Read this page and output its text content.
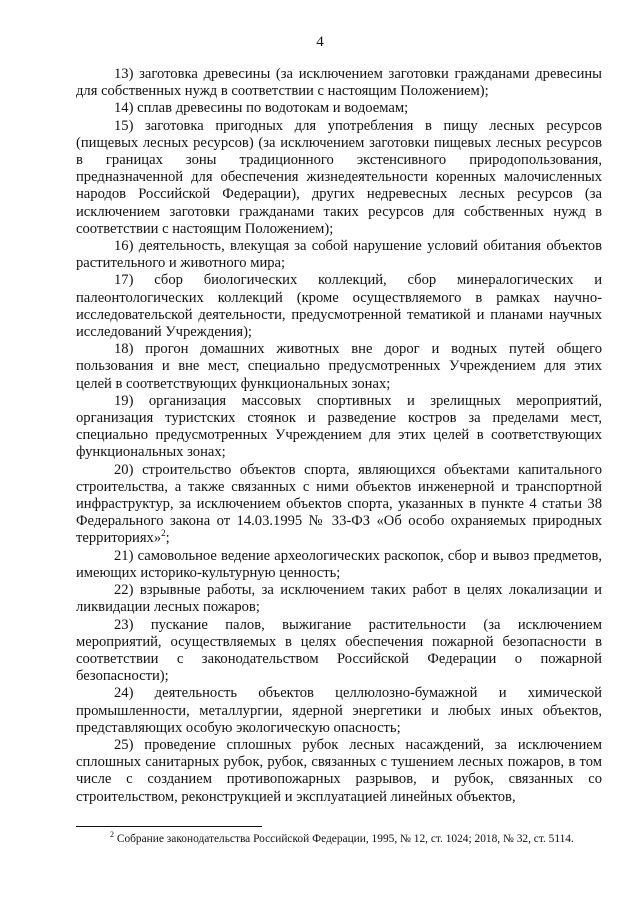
4

13) заготовка древесины (за исключением заготовки гражданами древесины для собственных нужд в соответствии с настоящим Положением);

14) сплав древесины по водотокам и водоемам;

15) заготовка пригодных для употребления в пищу лесных ресурсов (пищевых лесных ресурсов) (за исключением заготовки пищевых лесных ресурсов в границах зоны традиционного экстенсивного природопользования, предназначенной для обеспечения жизнедеятельности коренных малочисленных народов Российской Федерации), других недревесных лесных ресурсов (за исключением заготовки гражданами таких ресурсов для собственных нужд в соответствии с настоящим Положением);

16) деятельность, влекущая за собой нарушение условий обитания объектов растительного и животного мира;

17) сбор биологических коллекций, сбор минералогических и палеонтологических коллекций (кроме осуществляемого в рамках научно-исследовательской деятельности, предусмотренной тематикой и планами научных исследований Учреждения);

18) прогон домашних животных вне дорог и водных путей общего пользования и вне мест, специально предусмотренных Учреждением для этих целей в соответствующих функциональных зонах;

19) организация массовых спортивных и зрелищных мероприятий, организация туристских стоянок и разведение костров за пределами мест, специально предусмотренных Учреждением для этих целей в соответствующих функциональных зонах;

20) строительство объектов спорта, являющихся объектами капитального строительства, а также связанных с ними объектов инженерной и транспортной инфраструктур, за исключением объектов спорта, указанных в пункте 4 статьи 38 Федерального закона от 14.03.1995 № 33-ФЗ «Об особо охраняемых природных территориях»$^2$;

21) самовольное ведение археологических раскопок, сбор и вывоз предметов, имеющих историко-культурную ценность;

22) взрывные работы, за исключением таких работ в целях локализации и ликвидации лесных пожаров;

23) пускание палов, выжигание растительности (за исключением мероприятий, осуществляемых в целях обеспечения пожарной безопасности в соответствии с законодательством Российской Федерации о пожарной безопасности);

24) деятельность объектов целлюлозно-бумажной и химической промышленности, металлургии, ядерной энергетики и любых иных объектов, представляющих особую экологическую опасность;

25) проведение сплошных рубок лесных насаждений, за исключением сплошных санитарных рубок, рубок, связанных с тушением лесных пожаров, в том числе с созданием противопожарных разрывов, и рубок, связанных со строительством, реконструкцией и эксплуатацией линейных объектов,

$^2$ Собрание законодательства Российской Федерации, 1995, № 12, ст. 1024; 2018, № 32, ст. 5114.
